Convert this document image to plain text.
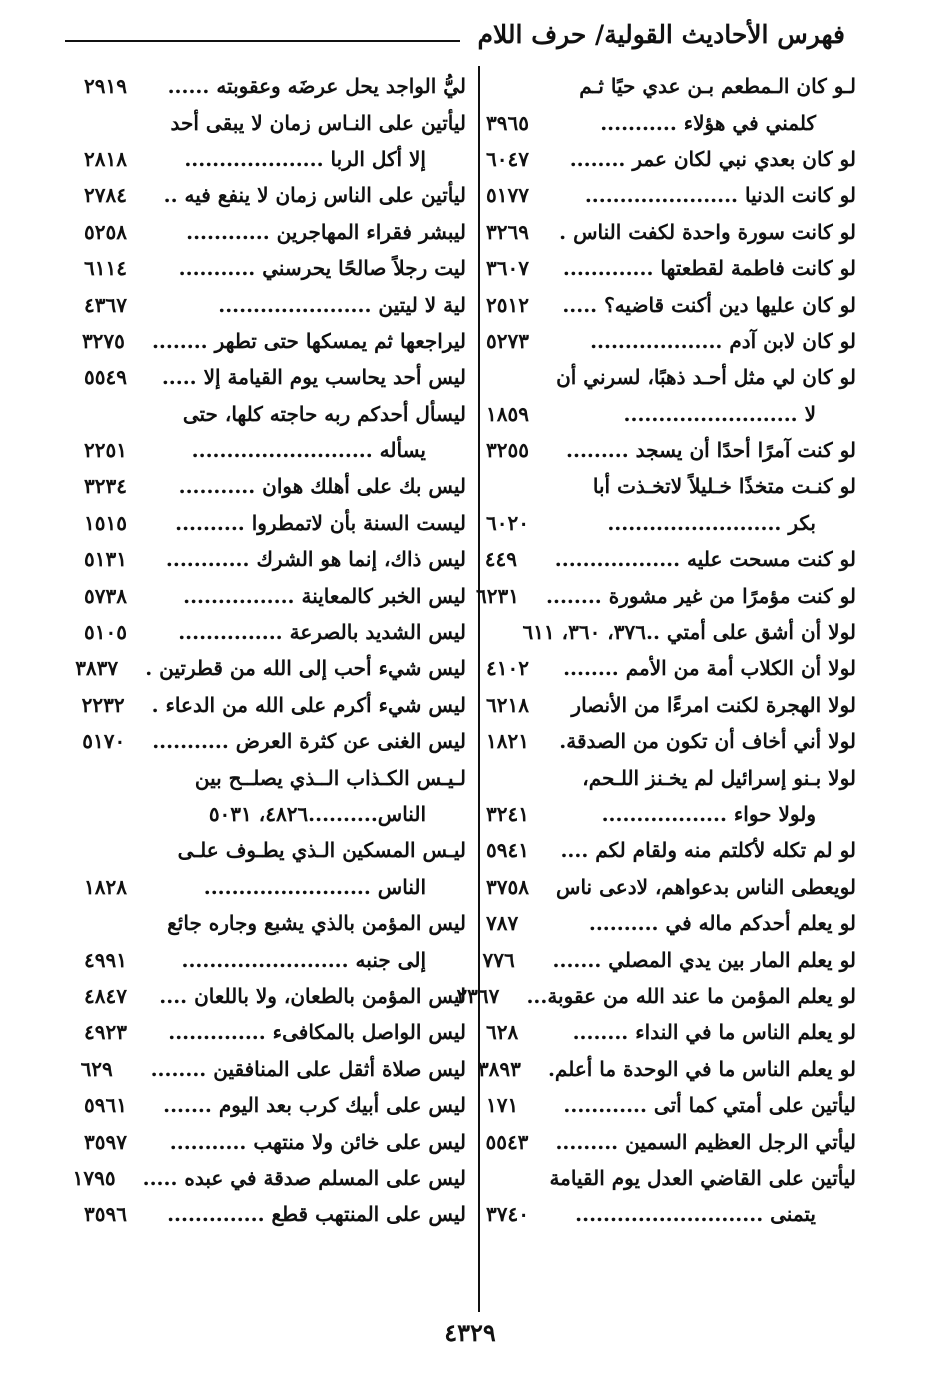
فهرس الأحاديث القولية/ حرف اللام
لـو كان الـمطعم بـن عدي حيًا ثـم
كلمني في هؤلاء ...........
٣٩٦٥
لو كان بعدي نبي لكان عمر ........
٦٠٤٧
لو كانت الدنيا ......................
٥١٧٧
لو كانت سورة واحدة لكفت الناس .
٣٢٦٩
لو كانت فاطمة لقطعتها .............
٣٦٠٧
لو كان عليها دين أكنت قاضيه؟ .....
٢٥١٢
لو كان لابن آدم ...................
٥٢٧٣
لو كان لي مثل أحـد ذهبًا، لسرني أن
لا .........................
١٨٥٩
لو كنت آمرًا أحدًا أن يسجد .........
٣٢٥٥
لو كنـت متخذًا خـليلاً لاتخـذت أبا
بكر .........................
٦٠٢٠
لو كنت مسحت عليه ..................
٤٤٩
لو كنت مؤمرًا من غير مشورة ........
٦٢٣١
لولا أن أشق على أمتي ..٣٧٦، ٣٦٠، ٦١١
لولا أن الكلاب أمة من الأمم ........
٤١٠٢
لولا الهجرة لكنت امرءًا من الأنصار
٦٢١٨
لولا أني أخاف أن تكون من الصدقة.
١٨٢١
لولا بـنو إسرائيل لم يخـنز اللـحم،
ولولا حواء ..................
٣٢٤١
لو لم تكله لأكلتم منه ولقام لكم ....
٥٩٤١
لويعطى الناس بدعواهم، لادعى ناس
٣٧٥٨
لو يعلم أحدكم ماله في ..........
٧٨٧
لو يعلم المار بين يدي المصلي .......
٧٧٦
لو يعلم المؤمن ما عند الله من عقوبة...
٢٣٦٧
لو يعلم الناس ما في النداء ........
٦٢٨
لو يعلم الناس ما في الوحدة ما أعلم.
٣٨٩٣
ليأتين على أمتي كما أتى ............
١٧١
ليأتي الرجل العظيم السمين .........
٥٥٤٣
ليأتين على القاضي العدل يوم القيامة
يتمنى ...........................
٣٧٤٠
ليُّ الواجد يحل عرضَه وعقوبته ......
٢٩١٩
ليأتين على النـاس زمان لا يبقى أحد
إلا أكل الربا ....................
٢٨١٨
ليأتين على الناس زمان لا ينفع فيه ..
٢٧٨٤
ليبشر فقراء المهاجرين ............
٥٢٥٨
ليت رجلاً صالحًا يحرسني ...........
٦١١٤
لية لا ليتين ......................
٤٣٦٧
ليراجعها ثم يمسكها حتى تطهر ........
٣٢٧٥
ليس أحد يحاسب يوم القيامة إلا .....
٥٥٤٩
ليسأل أحدكم ربه حاجته كلها، حتى
يسأله ..........................
٢٢٥١
ليس بك على أهلك هوان ...........
٣٢٣٤
ليست السنة بأن لاتمطروا ..........
١٥١٥
ليس ذاك، إنما هو الشرك ............
٥١٣١
ليس الخبر كالمعاينة ................
٥٧٣٨
ليس الشديد بالصرعة ...............
٥١٠٥
ليس شيء أحب إلى الله من قطرتين .
٣٨٣٧
ليس شيء أكرم على الله من الدعاء .
٢٢٣٢
ليس الغنى عن كثرة العرض ...........
٥١٧٠
لـيـس الكـذاب الــذي يصلــح بين
الناس..........٤٨٢٦، ٥٠٣١
ليـس المسكين الـذي يطـوف علـى
الناس ........................
١٨٢٨
ليس المؤمن بالذي يشبع وجاره جائع
إلى جنبه ........................
٤٩٩١
ليس المؤمن بالطعان، ولا باللعان ....
٤٨٤٧
ليس الواصل بالمكافىء ..............
٤٩٢٣
ليس صلاة أثقل على المنافقين ........
٦٢٩
ليس على أبيك كرب بعد اليوم .......
٥٩٦١
ليس على خائن ولا منتهب ...........
٣٥٩٧
ليس على المسلم صدقة في عبده .....
١٧٩٥
ليس على المنتهب قطع ..............
٣٥٩٦
٤٣٢٩
